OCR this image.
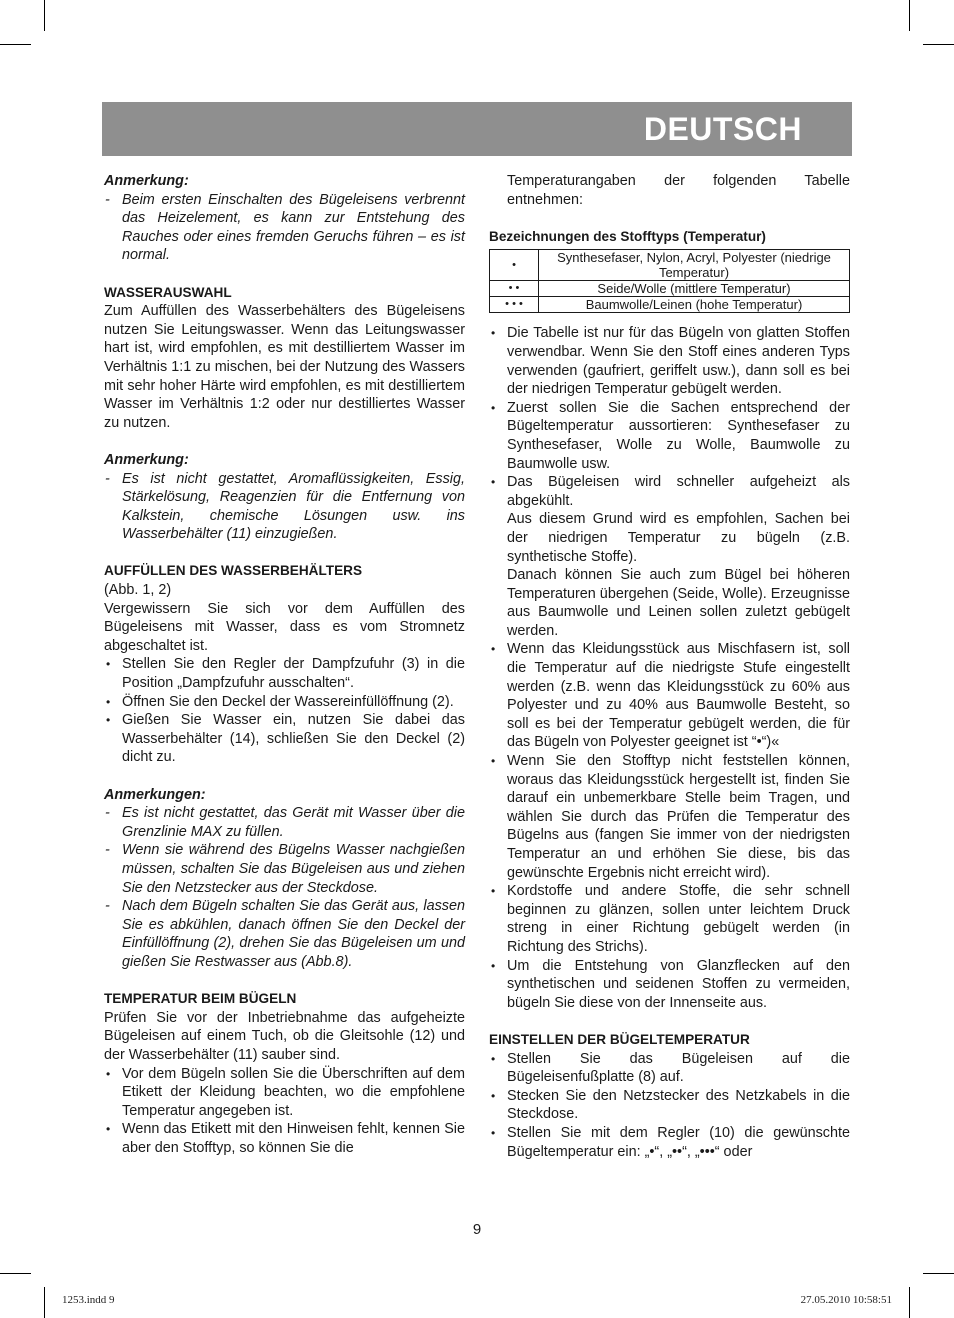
DEUTSCH

Anmerkung:

- Beim ersten Einschalten des Bügeleisens verbrennt das Heizelement, es kann zur Entstehung des Rauches oder eines fremden Geruchs führen – es ist normal.

WASSERAUSWAHL

Zum Auffüllen des Wasserbehälters des Bügeleisens nutzen Sie Leitungswasser. Wenn das Leitungswasser hart ist, wird empfohlen, es mit destilliertem Wasser im Verhältnis 1:1 zu mischen, bei der Nutzung des Wassers mit sehr hoher Härte wird empfohlen, es mit destilliertem Wasser im Verhältnis 1:2 oder nur destilliertes Wasser zu nutzen.

Anmerkung:

- Es ist nicht gestattet, Aromaflüssigkeiten, Essig, Stärkelösung, Reagenzien für die Entfernung von Kalkstein, chemische Lösungen usw. ins Wasserbehälter (11) einzugießen.

AUFFÜLLEN DES WASSERBEHÄLTERS

(Abb. 1, 2)

Vergewissern Sie sich vor dem Auffüllen des Bügeleisens mit Wasser, dass es vom Stromnetz abgeschaltet ist.

• Stellen Sie den Regler der Dampfzufuhr (3) in die Position „Dampfzufuhr ausschalten“.
• Öffnen Sie den Deckel der Wassereinfüllöffnung (2).
• Gießen Sie Wasser ein, nutzen Sie dabei das Wasserbehälter (14), schließen Sie den Deckel (2) dicht zu.

Anmerkungen:

- Es ist nicht gestattet, das Gerät mit Wasser über die Grenzlinie MAX zu füllen.
- Wenn sie während des Bügelns Wasser nachgießen müssen, schalten Sie das Bügeleisen aus und ziehen Sie den Netzstecker aus der Steckdose.
- Nach dem Bügeln schalten Sie das Gerät aus, lassen Sie es abkühlen, danach öffnen Sie den Deckel der Einfüllöffnung (2), drehen Sie das Bügeleisen um und gießen Sie Restwasser aus (Abb.8).

TEMPERATUR BEIM BÜGELN

Prüfen Sie vor der Inbetriebnahme das aufgeheizte Bügeleisen auf einem Tuch, ob die Gleitsohle (12) und der Wasserbehälter (11) sauber sind.

• Vor dem Bügeln sollen Sie die Überschriften auf dem Etikett der Kleidung beachten, wo die empfohlene Temperatur angegeben ist.
• Wenn das Etikett mit den Hinweisen fehlt, kennen Sie aber den Stofftyp, so können Sie die

Temperaturangaben der folgenden Tabelle entnehmen:

Bezeichnungen des Stofftyps (Temperatur)

•	Synthesefaser, Nylon, Acryl, Polyester (niedrige Temperatur)
• •	Seide/Wolle (mittlere Temperatur)
• • •	Baumwolle/Leinen (hohe Temperatur)
• Die Tabelle ist nur für das Bügeln von glatten Stoffen verwendbar. Wenn Sie den Stoff eines anderen Typs verwenden (gaufriert, geriffelt usw.), dann soll es bei der niedrigen Temperatur gebügelt werden.
• Zuerst sollen Sie die Sachen entsprechend der Bügeltemperatur aussortieren: Synthesefaser zu Synthesefaser, Wolle zu Wolle, Baumwolle zu Baumwolle usw.
• Das Bügeleisen wird schneller aufgeheizt als abgekühlt.

Aus diesem Grund wird es empfohlen, Sachen bei der niedrigen Temperatur zu bügeln (z.B. synthetische Stoffe).

Danach können Sie auch zum Bügel bei höheren Temperaturen übergehen (Seide, Wolle). Erzeugnisse aus Baumwolle und Leinen sollen zuletzt gebügelt werden.

• Wenn das Kleidungsstück aus Mischfasern ist, soll die Temperatur auf die niedrigste Stufe eingestellt werden (z.B. wenn das Kleidungsstück zu 60% aus Polyester und zu 40% aus Baumwolle Besteht, so soll es bei der Temperatur gebügelt werden, die für das Bügeln von Polyester geeignet ist “•“)«
• Wenn Sie den Stofftyp nicht feststellen können, woraus das Kleidungsstück hergestellt ist, finden Sie darauf ein unbemerkbare Stelle beim Tragen, und wählen Sie durch das Prüfen die Temperatur des Bügelns aus (fangen Sie immer von der niedrigsten Temperatur an und erhöhen Sie diese, bis das gewünschte Ergebnis nicht erreicht wird).
• Kordstoffe und andere Stoffe, die sehr schnell beginnen zu glänzen, sollen unter leichtem Druck streng in einer Richtung gebügelt werden (in Richtung des Strichs).
• Um die Entstehung von Glanzflecken auf den synthetischen und seidenen Stoffen zu vermeiden, bügeln Sie diese von der Innenseite aus.

EINSTELLEN DER BÜGELTEMPERATUR

• Stellen Sie das Bügeleisen auf die Bügeleisenfußplatte (8) auf.
• Stecken Sie den Netzstecker des Netzkabels in die Steckdose.
• Stellen Sie mit dem Regler (10) die gewünschte Bügeltemperatur ein: „•“, „••“, „•••“ oder
9
1253.indd 9	27.05.2010 10:58:51
